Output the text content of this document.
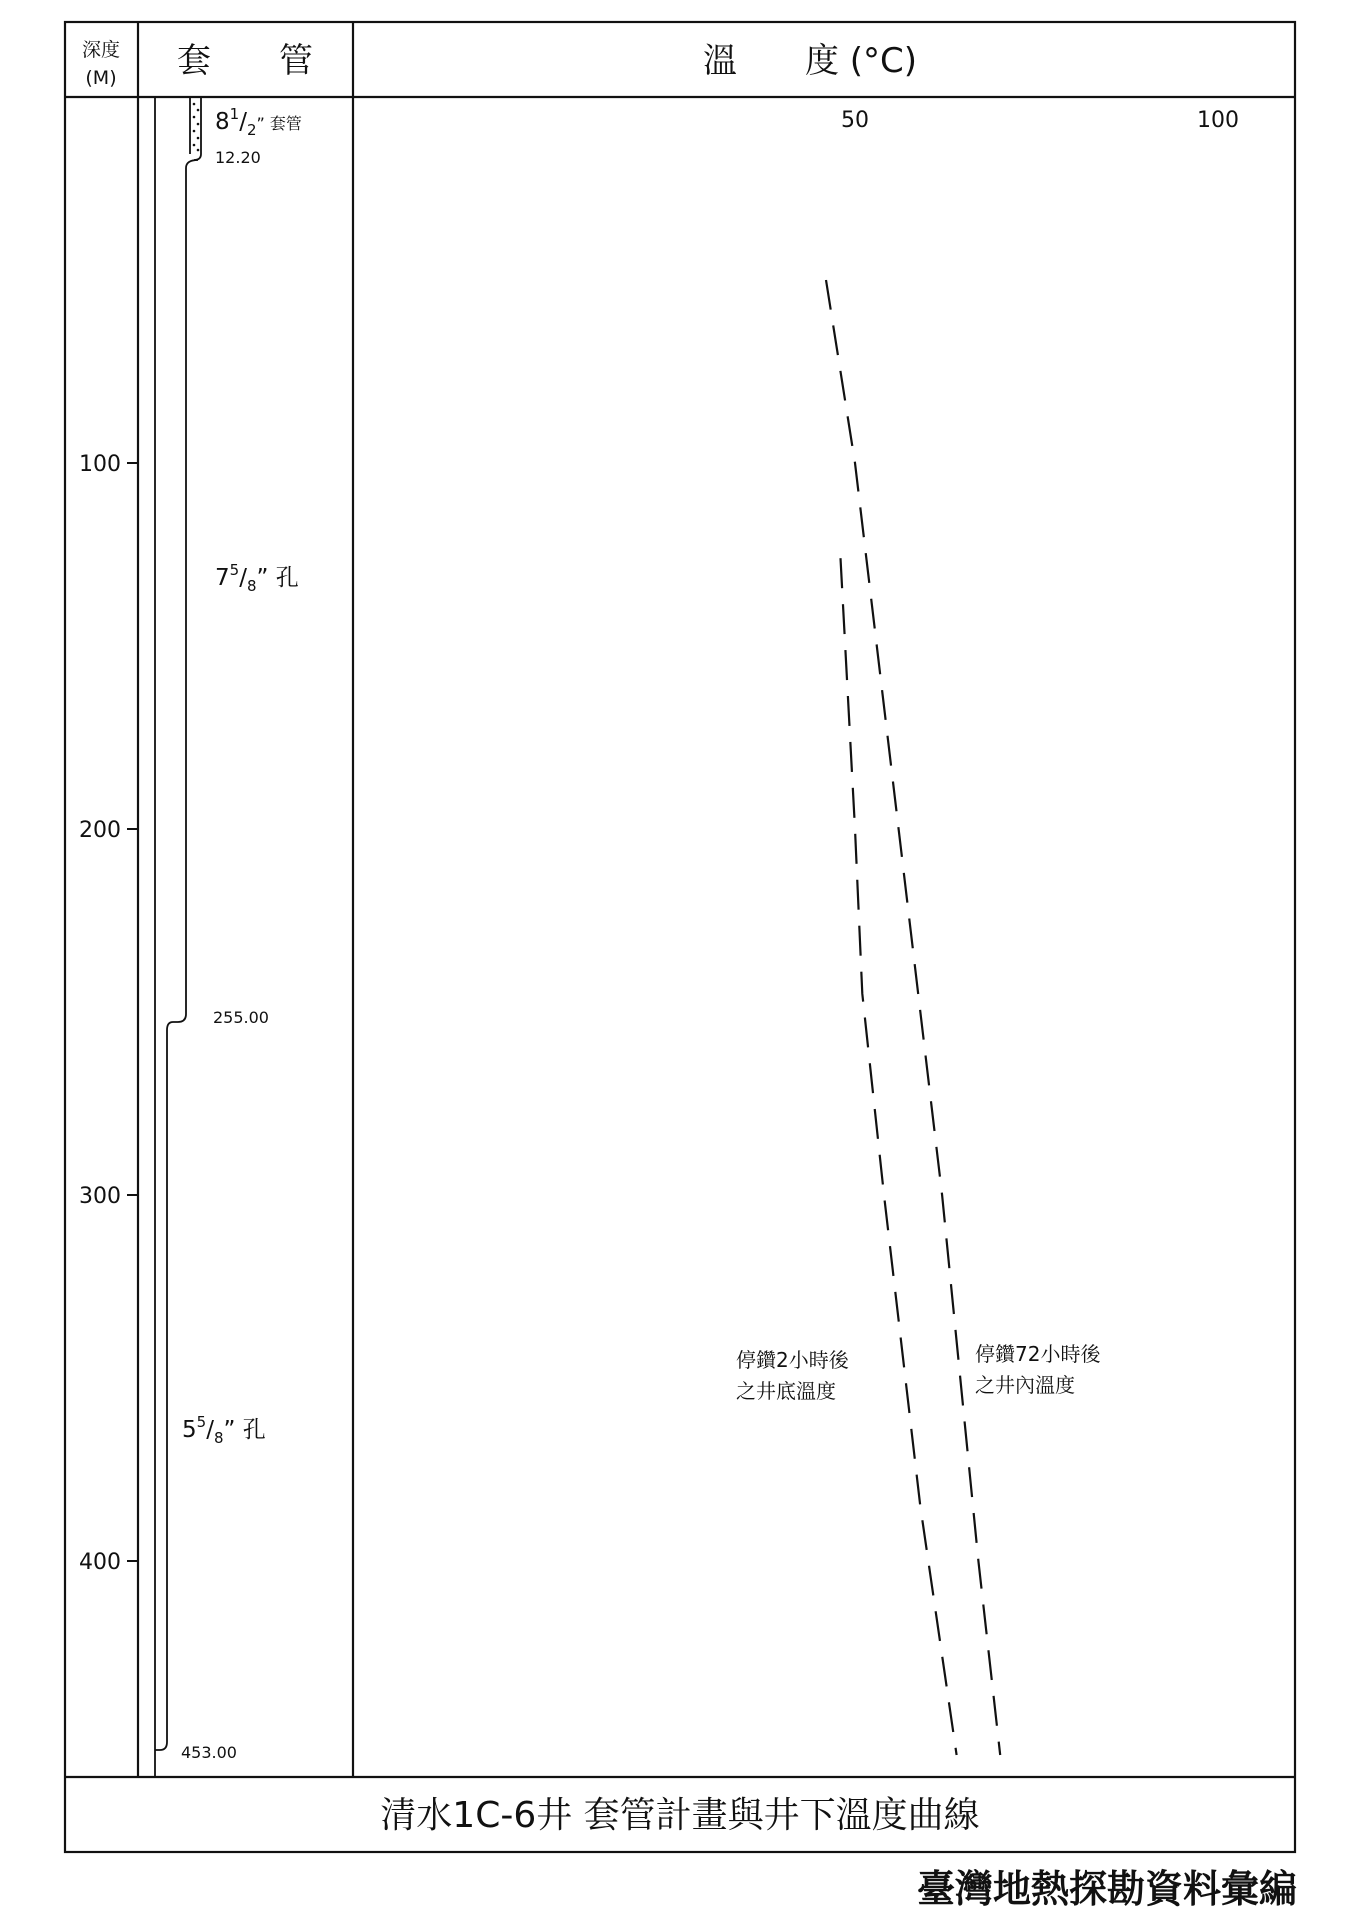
深度
(M) 套　　管	溫　　度 (°C)
100
200
300
400
$8^1/_2^{” 套管}$
12.20
$7^5/_8$” 孔
255.00
$5^5/_8$” 孔
453.00
50	100
停鑽2小時後
之井底溫度
停鑽72小時後
之井內溫度
清水1C-6井 套管計畫與井下溫度曲線
臺灣地熱探勘資料彙編
